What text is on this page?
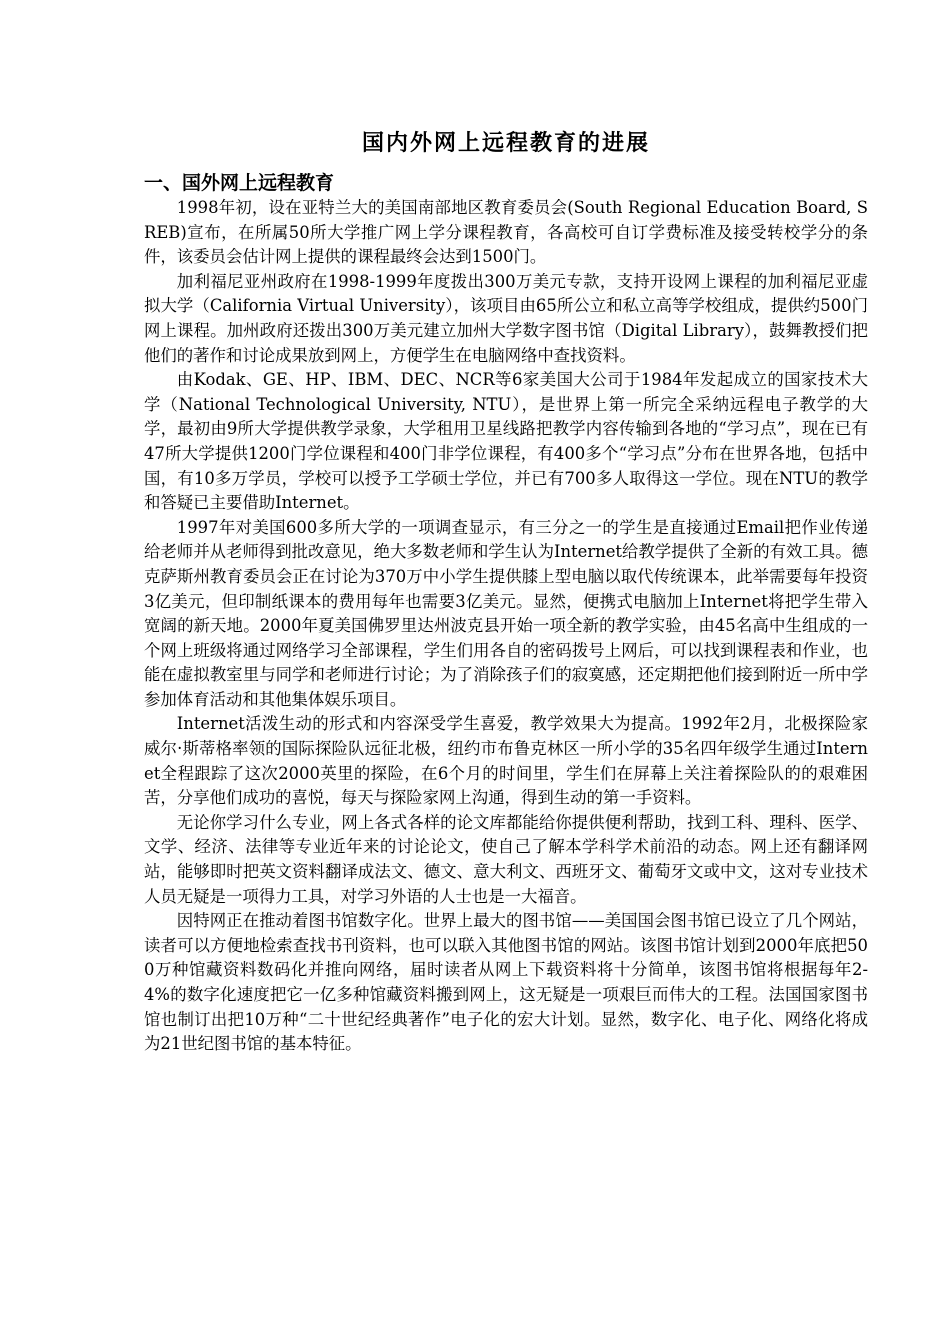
国内外网上远程教育的进展
一、国外网上远程教育

1998年初，设在亚特兰大的美国南部地区教育委员会(South Regional Education Board, SREB)宣布，在所属50所大学推广网上学分课程教育，各高校可自订学费标准及接受转校学分的条件，该委员会估计网上提供的课程最终会达到1500门。

加利福尼亚州政府在1998-1999年度拨出300万美元专款，支持开设网上课程的加利福尼亚虚拟大学（California Virtual University），该项目由65所公立和私立高等学校组成，提供约500门网上课程。加州政府还拨出300万美元建立加州大学数字图书馆（Digital Library），鼓舞教授们把他们的著作和讨论成果放到网上，方便学生在电脑网络中查找资料。

由Kodak、GE、HP、IBM、DEC、NCR等6家美国大公司于1984年发起成立的国家技术大学（National Technological University, NTU），是世界上第一所完全采纳远程电子教学的大学，最初由9所大学提供教学录象，大学租用卫星线路把教学内容传输到各地的“学习点”，现在已有47所大学提供1200门学位课程和400门非学位课程，有400多个“学习点”分布在世界各地，包括中国，有10多万学员，学校可以授予工学硕士学位，并已有700多人取得这一学位。现在NTU的教学和答疑已主要借助Internet。

1997年对美国600多所大学的一项调查显示，有三分之一的学生是直接通过Email把作业传递给老师并从老师得到批改意见，绝大多数老师和学生认为Internet给教学提供了全新的有效工具。德克萨斯州教育委员会正在讨论为370万中小学生提供膝上型电脑以取代传统课本，此举需要每年投资3亿美元，但印制纸课本的费用每年也需要3亿美元。显然，便携式电脑加上Internet将把学生带入宽阔的新天地。2000年夏美国佛罗里达州波克县开始一项全新的教学实验，由45名高中生组成的一个网上班级将通过网络学习全部课程，学生们用各自的密码拨号上网后，可以找到课程表和作业，也能在虚拟教室里与同学和老师进行讨论；为了消除孩子们的寂寞感，还定期把他们接到附近一所中学参加体育活动和其他集体娱乐项目。

Internet活泼生动的形式和内容深受学生喜爱，教学效果大为提高。1992年2月，北极探险家威尔·斯蒂格率领的国际探险队远征北极，纽约市布鲁克林区一所小学的35名四年级学生通过Internet全程跟踪了这次2000英里的探险，在6个月的时间里，学生们在屏幕上关注着探险队的的艰难困苦，分享他们成功的喜悦，每天与探险家网上沟通，得到生动的第一手资料。

无论你学习什么专业，网上各式各样的论文库都能给你提供便利帮助，找到工科、理科、医学、文学、经济、法律等专业近年来的讨论论文，使自己了解本学科学术前沿的动态。网上还有翻译网站，能够即时把英文资料翻译成法文、德文、意大利文、西班牙文、葡萄牙文或中文，这对专业技术人员无疑是一项得力工具，对学习外语的人士也是一大福音。

因特网正在推动着图书馆数字化。世界上最大的图书馆——美国国会图书馆已设立了几个网站，读者可以方便地检索查找书刊资料，也可以联入其他图书馆的网站。该图书馆计划到2000年底把500万种馆藏资料数码化并推向网络，届时读者从网上下载资料将十分简单，该图书馆将根据每年2-4%的数字化速度把它一亿多种馆藏资料搬到网上，这无疑是一项艰巨而伟大的工程。法国国家图书馆也制订出把10万种“二十世纪经典著作”电子化的宏大计划。显然，数字化、电子化、网络化将成为21世纪图书馆的基本特征。
